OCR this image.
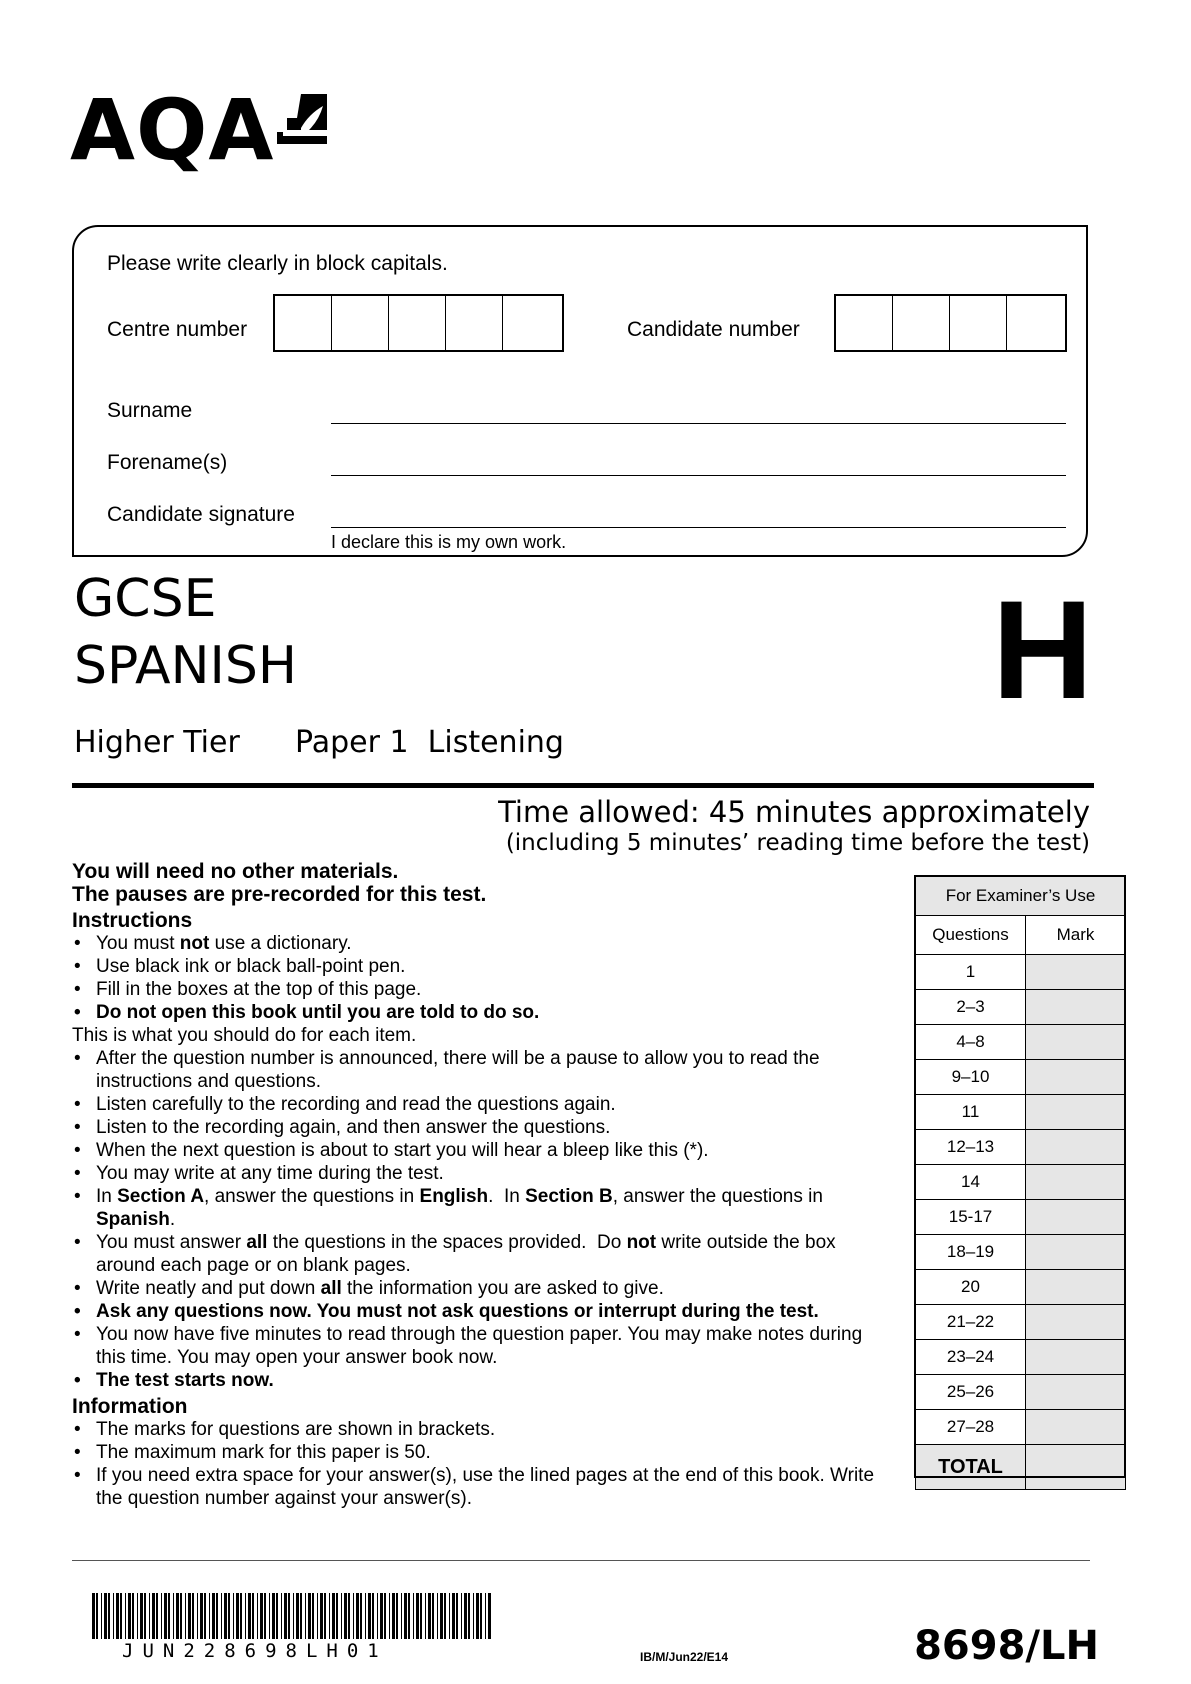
AQA
Please write clearly in block capitals.
Centre number	Candidate number
Surname
Forename(s)
Candidate signature
I declare this is my own work.
GCSE
SPANISH	H
Higher Tier Paper 1  Listening
Time allowed: 45 minutes approximately
(including 5 minutes’ reading time before the test)
You will need no other materials.
The pauses are pre-recorded for this test.
Instructions
• You must not use a dictionary.
• Use black ink or black ball-point pen.
• Fill in the boxes at the top of this page.
• Do not open this book until you are told to do so.
This is what you should do for each item.
• After the question number is announced, there will be a pause to allow you to read the instructions and questions.
• Listen carefully to the recording and read the questions again.
• Listen to the recording again, and then answer the questions.
• When the next question is about to start you will hear a bleep like this (*).
• You may write at any time during the test.
• In Section A, answer the questions in English.  In Section B, answer the questions in Spanish.
• You must answer all the questions in the spaces provided.  Do not write outside the box around each page or on blank pages.
• Write neatly and put down all the information you are asked to give.
• Ask any questions now. You must not ask questions or interrupt during the test.
• You now have five minutes to read through the question paper. You may make notes during this time. You may open your answer book now.
• The test starts now.
Information
• The marks for questions are shown in brackets.
• The maximum mark for this paper is 50.
• If you need extra space for your answer(s), use the lined pages at the end of this book. Write the question number against your answer(s).
For Examiner’s Use	
Questions	Mark
1	
2–3	
4–8	
9–10	
11	
12–13	
14	
15-17	
18–19	
20	
21–22	
23–24	
25–26	
27–28	
TOTAL	
JUN228698LH01	IB/M/Jun22/E14	8698/LH
